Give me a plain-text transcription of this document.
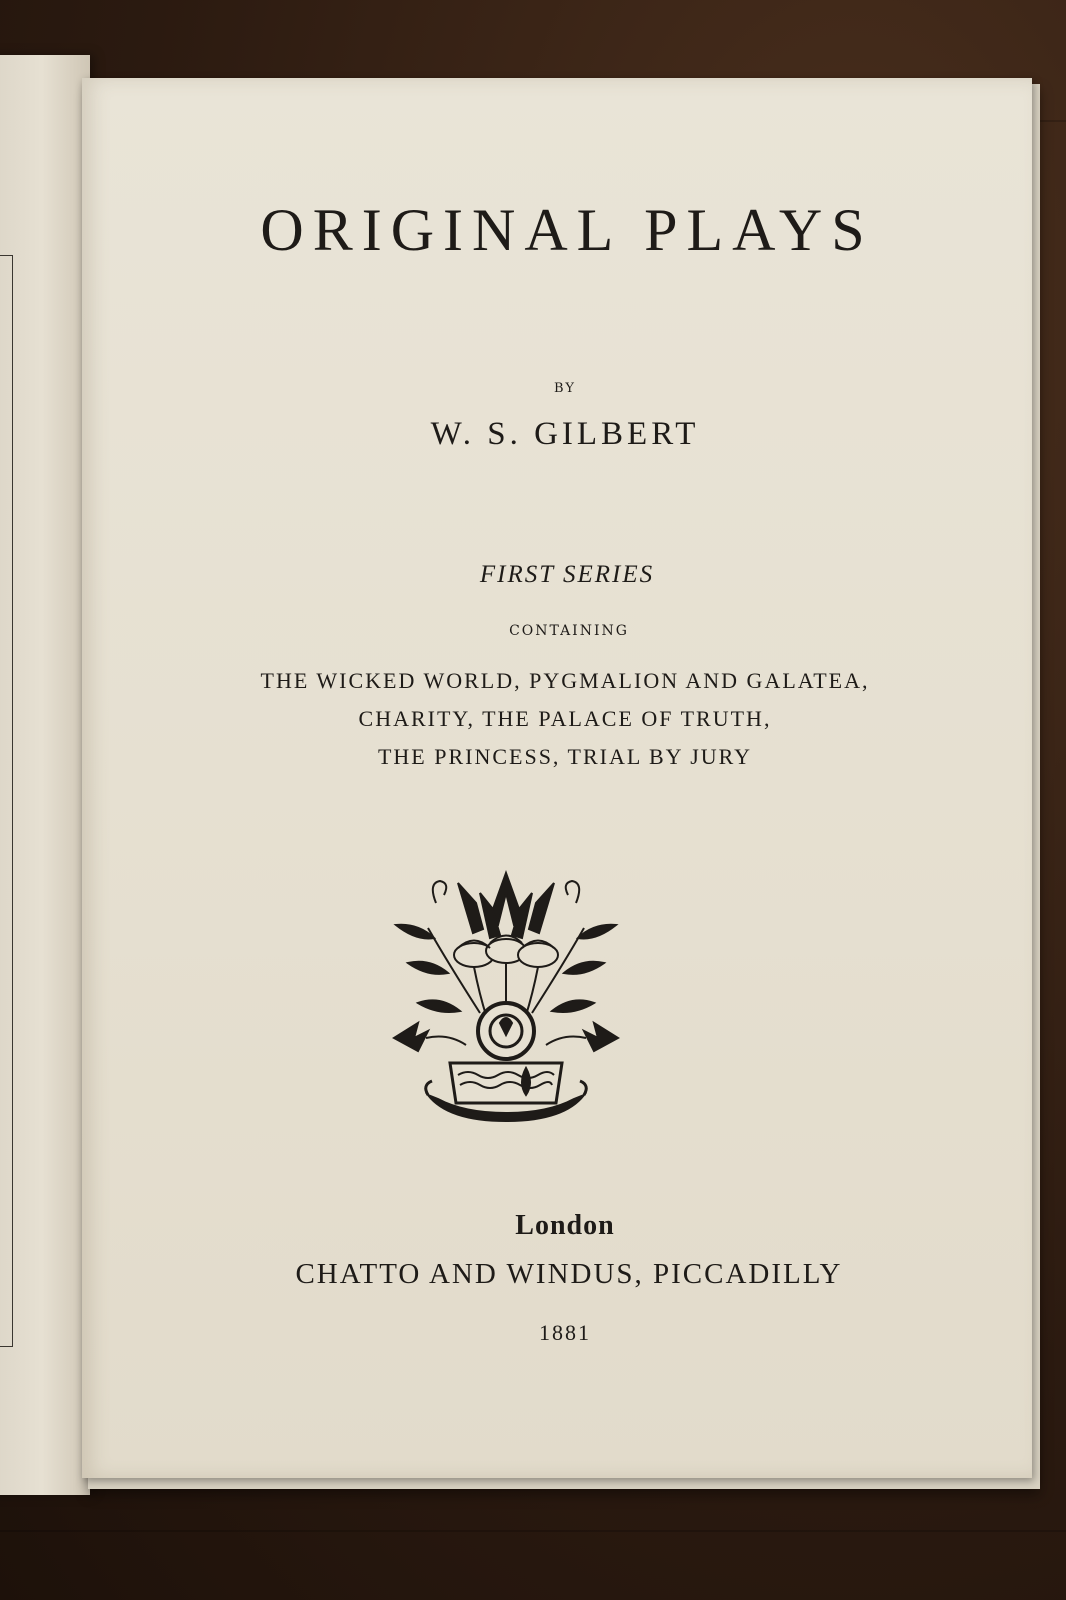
ORIGINAL PLAYS
BY
W. S. GILBERT
FIRST SERIES
CONTAINING
THE WICKED WORLD, PYGMALION AND GALATEA,
CHARITY, THE PALACE OF TRUTH,
THE PRINCESS, TRIAL BY JURY
London
CHATTO AND WINDUS, PICCADILLY
1881
